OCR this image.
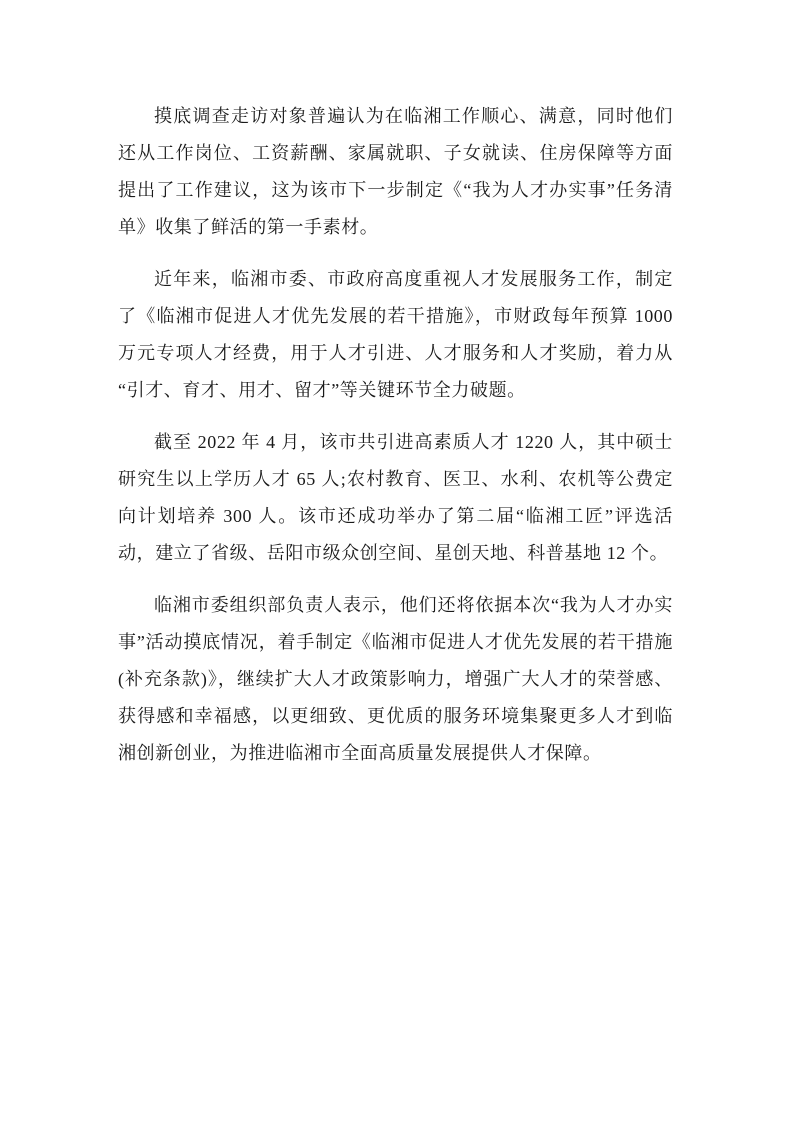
摸底调查走访对象普遍认为在临湘工作顺心、满意，同时他们还从工作岗位、工资薪酬、家属就职、子女就读、住房保障等方面提出了工作建议，这为该市下一步制定《“我为人才办实事”任务清单》收集了鲜活的第一手素材。

近年来，临湘市委、市政府高度重视人才发展服务工作，制定了《临湘市促进人才优先发展的若干措施》，市财政每年预算 1000 万元专项人才经费，用于人才引进、人才服务和人才奖励，着力从“引才、育才、用才、留才”等关键环节全力破题。

截至 2022 年 4 月，该市共引进高素质人才 1220 人，其中硕士研究生以上学历人才 65 人;农村教育、医卫、水利、农机等公费定向计划培养 300 人。该市还成功举办了第二届“临湘工匠”评选活动，建立了省级、岳阳市级众创空间、星创天地、科普基地 12 个。

临湘市委组织部负责人表示，他们还将依据本次“我为人才办实事”活动摸底情况，着手制定《临湘市促进人才优先发展的若干措施(补充条款)》，继续扩大人才政策影响力，增强广大人才的荣誉感、获得感和幸福感，以更细致、更优质的服务环境集聚更多人才到临湘创新创业，为推进临湘市全面高质量发展提供人才保障。
